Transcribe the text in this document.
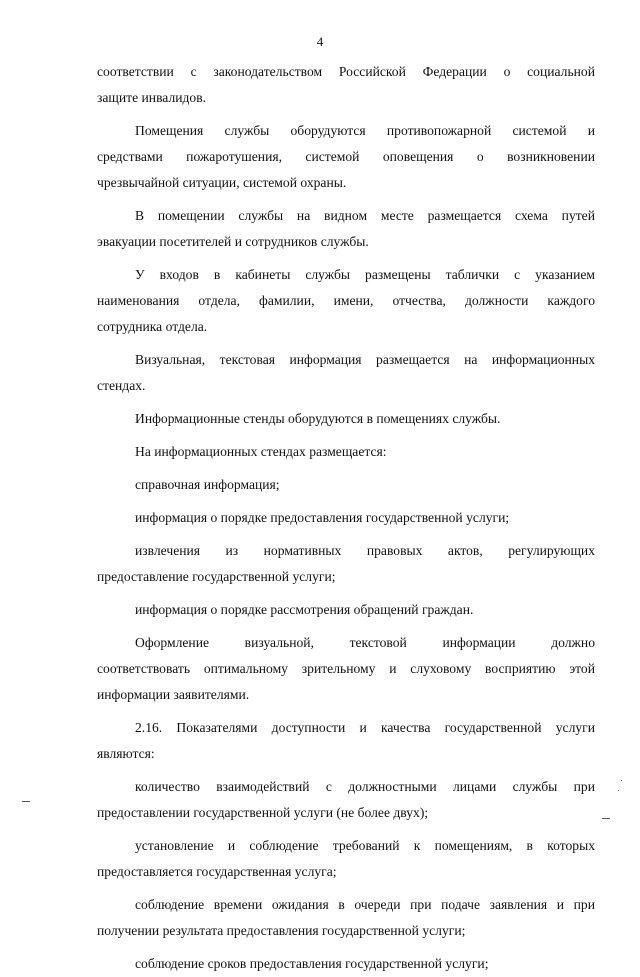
4

соответствии с законодательством Российской Федерации о социальной
защите инвалидов.

Помещения службы оборудуются противопожарной системой и
средствами пожаротушения, системой оповещения о возникновении
чрезвычайной ситуации, системой охраны.

В помещении службы на видном месте размещается схема путей
эвакуации посетителей и сотрудников службы.

У входов в кабинеты службы размещены таблички с указанием
наименования отдела, фамилии, имени, отчества, должности каждого
сотрудника отдела.

Визуальная, текстовая информация размещается на информационных
стендах.

Информационные стенды оборудуются в помещениях службы.

На информационных стендах размещается:

справочная информация;

информация о порядке предоставления государственной услуги;

извлечения из нормативных правовых актов, регулирующих
предоставление государственной услуги;

информация о порядке рассмотрения обращений граждан.

Оформление визуальной, текстовой информации должно
соответствовать оптимальному зрительному и слуховому восприятию этой
информации заявителями.

2.16. Показателями доступности и качества государственной услуги
являются:

количество взаимодействий с должностными лицами службы при
предоставлении государственной услуги (не более двух);

установление и соблюдение требований к помещениям, в которых
предоставляется государственная услуга;

соблюдение времени ожидания в очереди при подаче заявления и при
получении результата предоставления государственной услуги;

соблюдение сроков предоставления государственной услуги;
